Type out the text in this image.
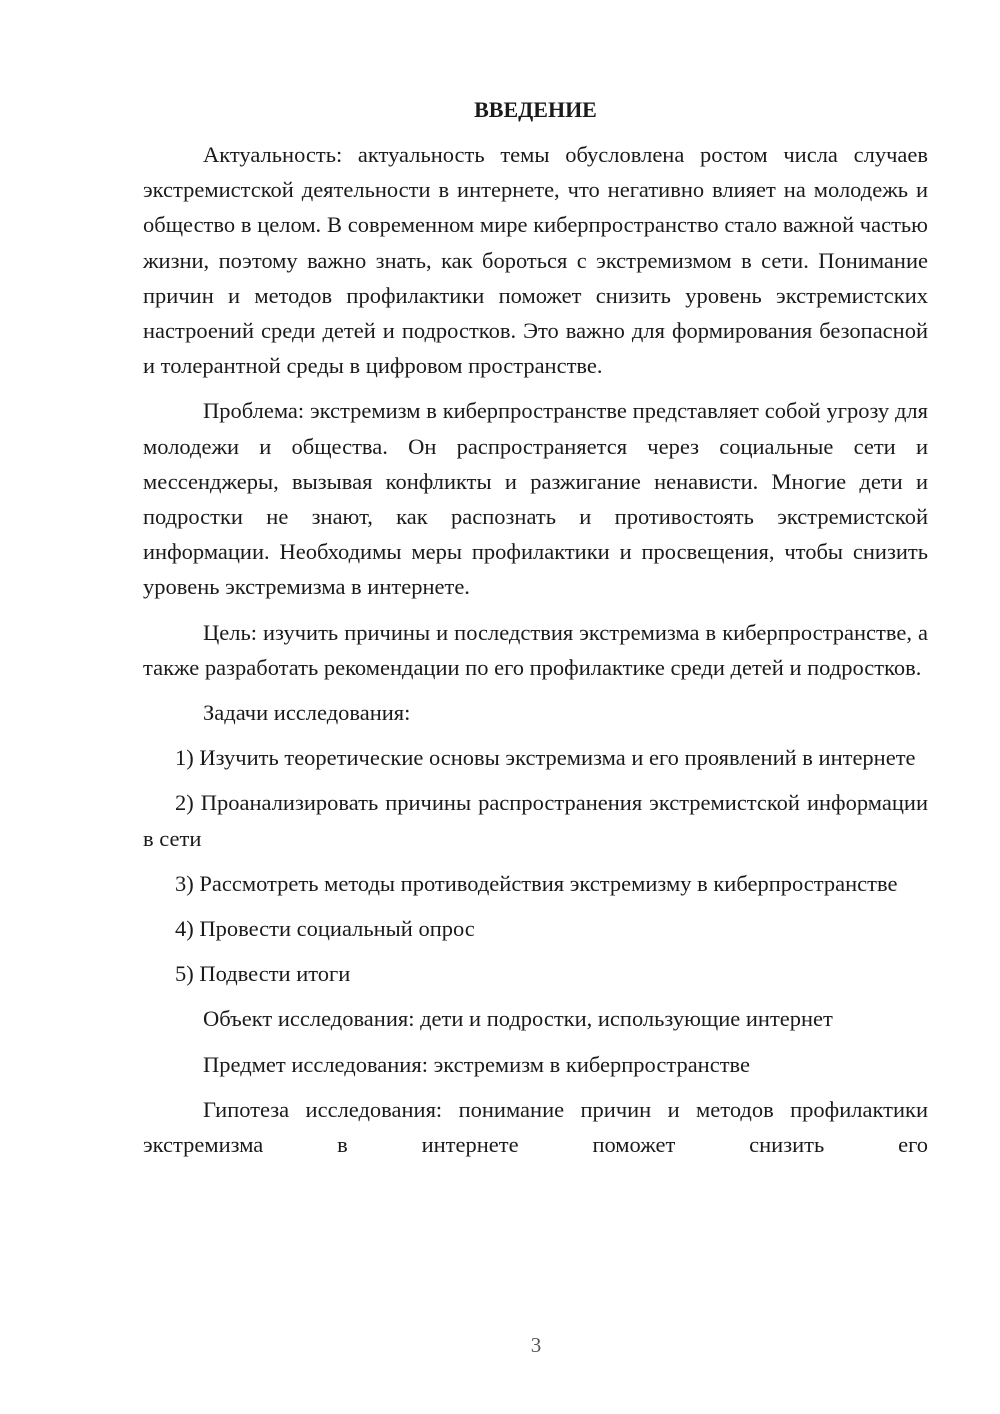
ВВЕДЕНИЕ
Актуальность: актуальность темы обусловлена ростом числа случаев экстремистской деятельности в интернете, что негативно влияет на молодежь и общество в целом. В современном мире киберпространство стало важной частью жизни, поэтому важно знать, как бороться с экстремизмом в сети. Понимание причин и методов профилактики поможет снизить уровень экстремистских настроений среди детей и подростков. Это важно для формирования безопасной и толерантной среды в цифровом пространстве.
Проблема: экстремизм в киберпространстве представляет собой угрозу для молодежи и общества. Он распространяется через социальные сети и мессенджеры, вызывая конфликты и разжигание ненависти. Многие дети и подростки не знают, как распознать и противостоять экстремистской информации. Необходимы меры профилактики и просвещения, чтобы снизить уровень экстремизма в интернете.
Цель: изучить причины и последствия экстремизма в киберпространстве, а также разработать рекомендации по его профилактике среди детей и подростков.
Задачи исследования:
1) Изучить теоретические основы экстремизма и его проявлений в интернете
2) Проанализировать причины распространения экстремистской информации в сети
3) Рассмотреть методы противодействия экстремизму в киберпространстве
4) Провести социальный опрос
5) Подвести итоги
Объект исследования: дети и подростки, использующие интернет
Предмет исследования: экстремизм в киберпространстве
Гипотеза исследования: понимание причин и методов профилактики экстремизма в интернете поможет снизить его
3
